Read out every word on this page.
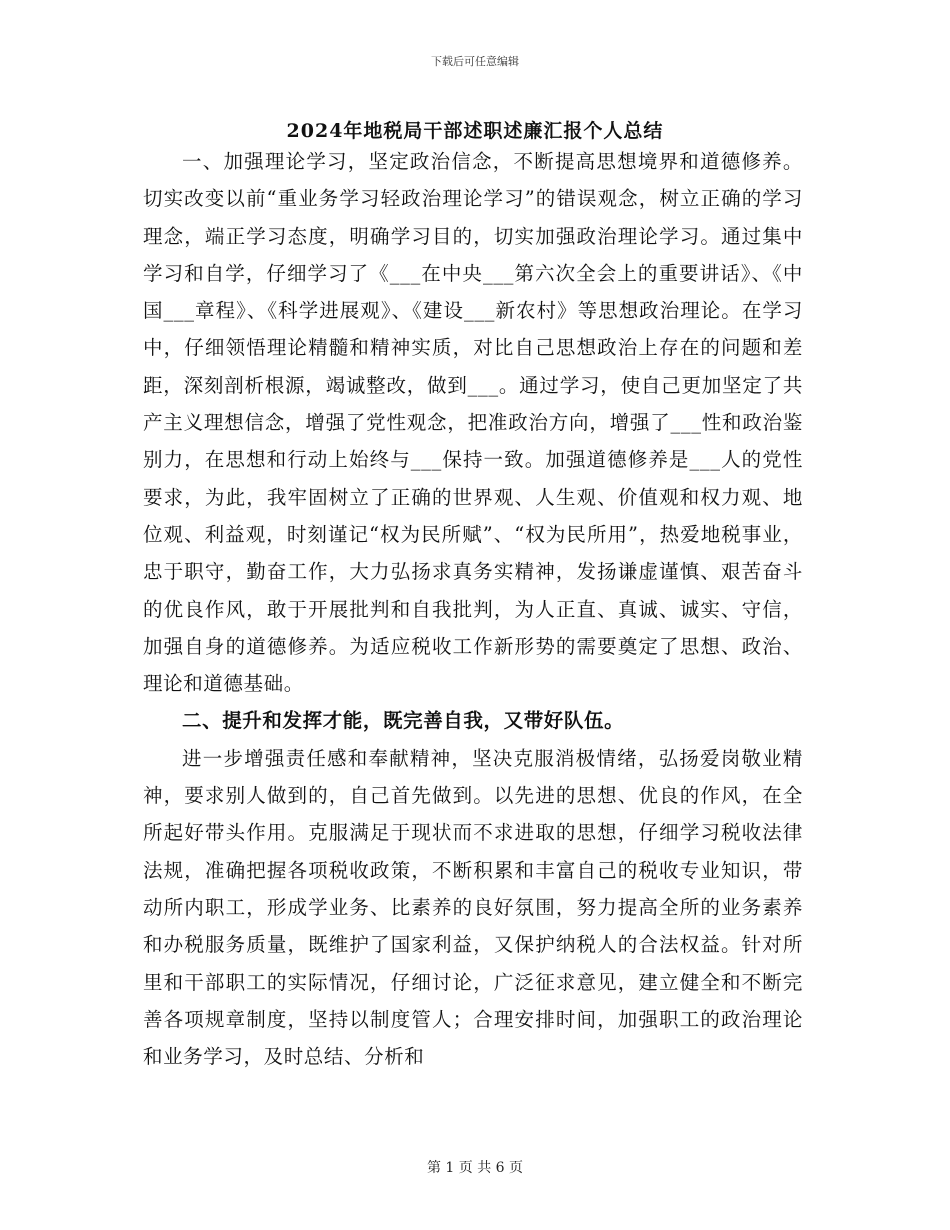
下载后可任意编辑
2024年地税局干部述职述廉汇报个人总结

一、加强理论学习，坚定政治信念，不断提高思想境界和道德修养。切实改变以前“重业务学习轻政治理论学习”的错误观念，树立正确的学习理念，端正学习态度，明确学习目的，切实加强政治理论学习。通过集中学习和自学，仔细学习了《___在中央___第六次全会上的重要讲话》、《中国___章程》、《科学进展观》、《建设___新农村》等思想政治理论。在学习中，仔细领悟理论精髓和精神实质，对比自己思想政治上存在的问题和差距，深刻剖析根源，竭诚整改，做到___。通过学习，使自己更加坚定了共产主义理想信念，增强了党性观念，把准政治方向，增强了___性和政治鉴别力，在思想和行动上始终与___保持一致。加强道德修养是___人的党性要求，为此，我牢固树立了正确的世界观、人生观、价值观和权力观、地位观、利益观，时刻谨记“权为民所赋”、“权为民所用”，热爱地税事业，忠于职守，勤奋工作，大力弘扬求真务实精神，发扬谦虚谨慎、艰苦奋斗的优良作风，敢于开展批判和自我批判，为人正直、真诚、诚实、守信，加强自身的道德修养。为适应税收工作新形势的需要奠定了思想、政治、理论和道德基础。

二、提升和发挥才能，既完善自我，又带好队伍。

进一步增强责任感和奉献精神，坚决克服消极情绪，弘扬爱岗敬业精神，要求别人做到的，自己首先做到。以先进的思想、优良的作风，在全所起好带头作用。克服满足于现状而不求进取的思想，仔细学习税收法律法规，准确把握各项税收政策，不断积累和丰富自己的税收专业知识，带动所内职工，形成学业务、比素养的良好氛围，努力提高全所的业务素养和办税服务质量，既维护了国家利益，又保护纳税人的合法权益。针对所里和干部职工的实际情况，仔细讨论，广泛征求意见，建立健全和不断完善各项规章制度，坚持以制度管人；合理安排时间，加强职工的政治理论和业务学习，及时总结、分析和

第 1 页 共 6 页
